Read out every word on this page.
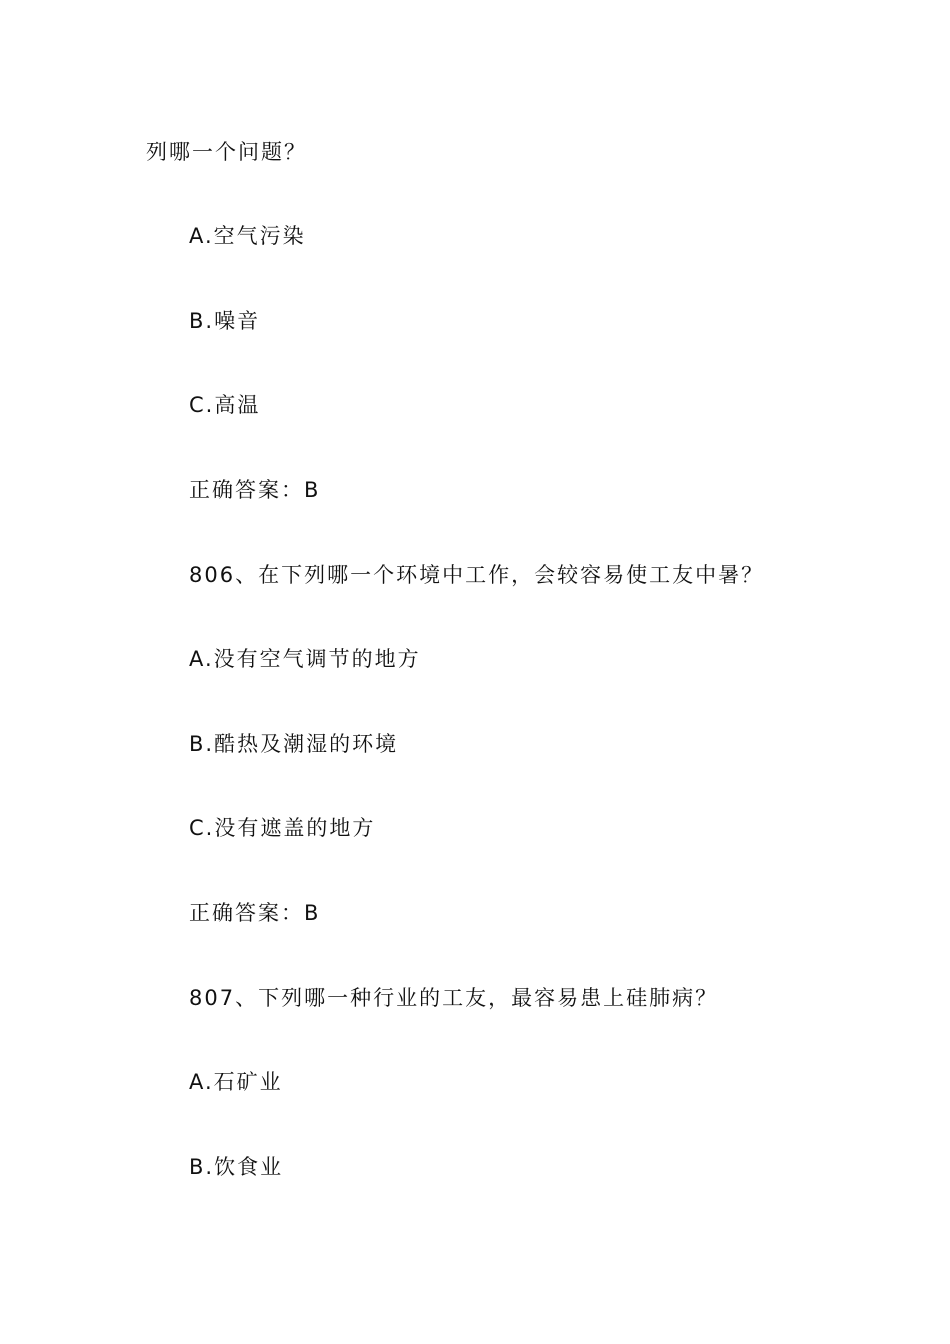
列哪一个问题？
A.空气污染
B.噪音
C.高温
正确答案：B
806、在下列哪一个环境中工作，会较容易使工友中暑？
A.没有空气调节的地方
B.酷热及潮湿的环境
C.没有遮盖的地方
正确答案：B
807、下列哪一种行业的工友，最容易患上硅肺病？
A.石矿业
B.饮食业
